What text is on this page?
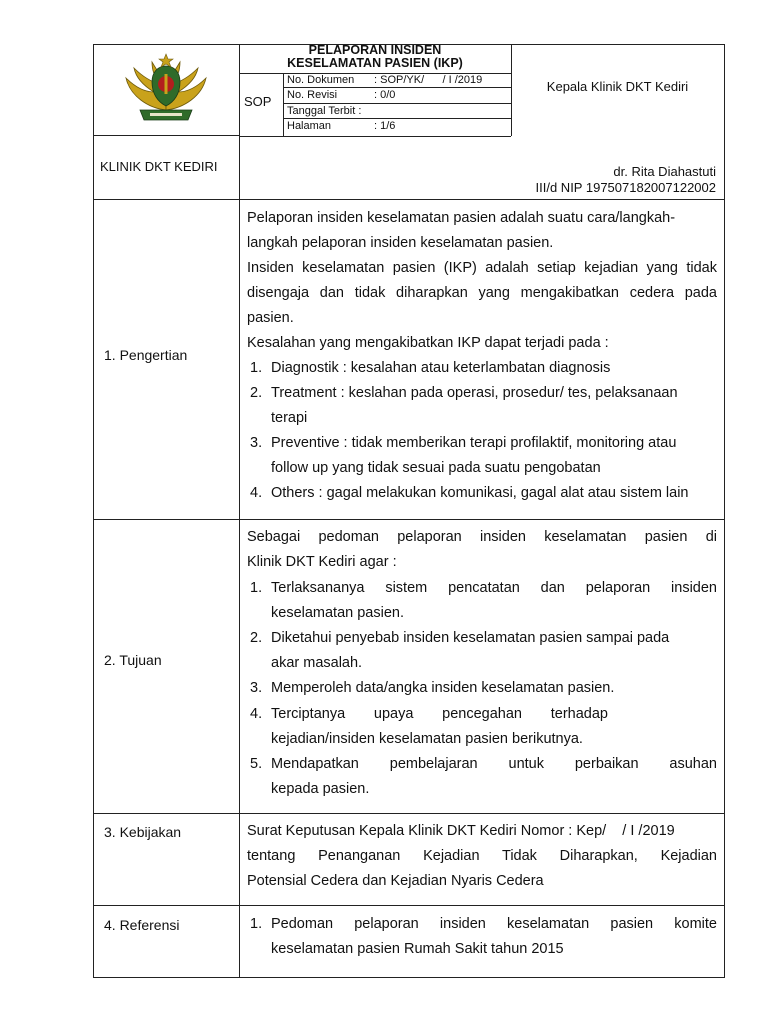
PELAPORAN INSIDEN
KESELAMATAN PASIEN (IKP)
SOP
No. Dokumen : SOP/YK/      / I /2019
No. Revisi	: 0/0
Tanggal Terbit :
Halaman	: 1/6
Kepala Klinik DKT Kediri
KLINIK DKT KEDIRI	dr. Rita Diahastuti
III/d NIP 197507182007122002
1. Pengertian
Pelaporan insiden keselamatan pasien adalah suatu cara/langkah-
langkah pelaporan insiden keselamatan pasien.
Insiden keselamatan pasien (IKP) adalah setiap kejadian yang tidak
disengaja dan tidak diharapkan yang mengakibatkan cedera pada
pasien.
Kesalahan yang mengakibatkan IKP dapat terjadi pada :
1. Diagnostik : kesalahan atau keterlambatan diagnosis
2. Treatment : keslahan pada operasi, prosedur/ tes, pelaksanaan
terapi
3. Preventive : tidak memberikan terapi profilaktif, monitoring atau
follow up yang tidak sesuai pada suatu pengobatan
4. Others : gagal melakukan komunikasi, gagal alat atau sistem lain
2. Tujuan
Sebagai pedoman pelaporan insiden keselamatan pasien di
Klinik DKT Kediri agar :
1. Terlaksananya sistem pencatatan dan pelaporan insiden
keselamatan pasien.
2. Diketahui penyebab insiden keselamatan pasien sampai pada
akar masalah.
3. Memperoleh data/angka insiden keselamatan pasien.
4. Terciptanya upaya pencegahan terhadap
kejadian/insiden keselamatan pasien berikutnya.
5. Mendapatkan pembelajaran untuk perbaikan asuhan
kepada pasien.
3. Kebijakan	Surat Keputusan Kepala Klinik DKT Kediri Nomor : Kep/    / I /2019
tentang Penanganan Kejadian Tidak Diharapkan, Kejadian
Potensial Cedera dan Kejadian Nyaris Cedera
4. Referensi	1. Pedoman pelaporan insiden keselamatan pasien komite
keselamatan pasien Rumah Sakit tahun 2015
